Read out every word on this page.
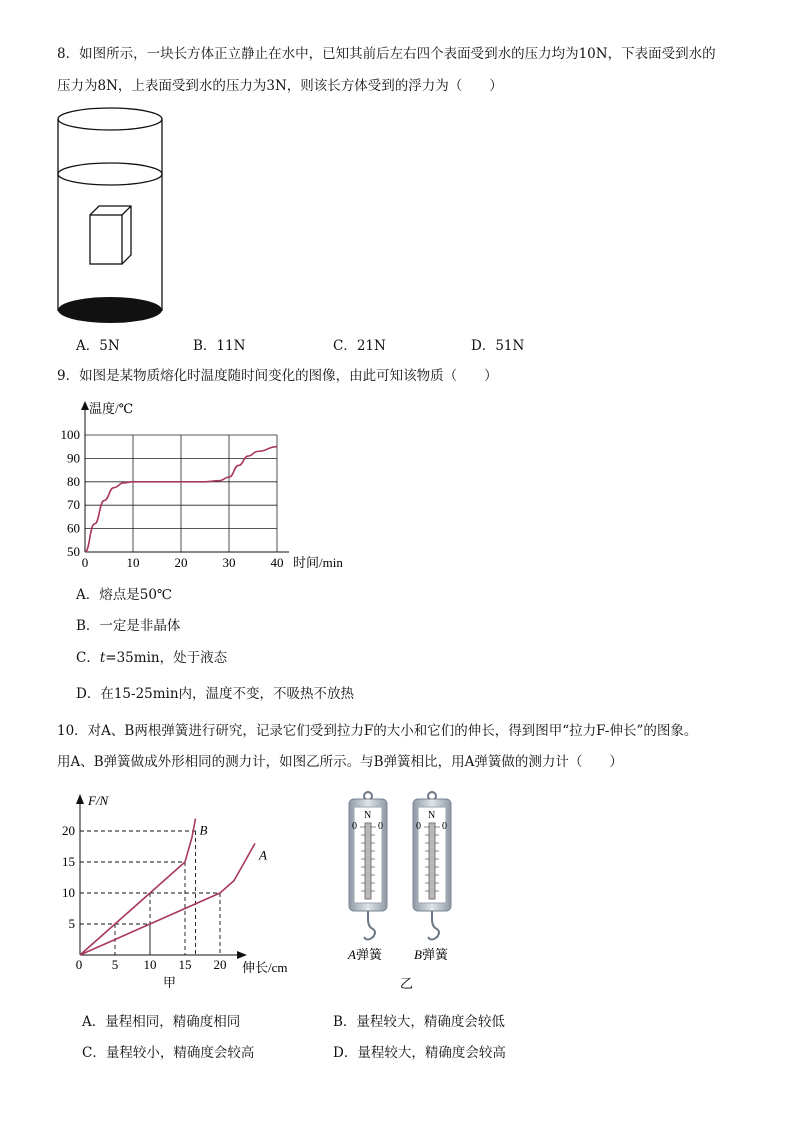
8．如图所示，一块长方体正立静止在水中，已知其前后左右四个表面受到水的压力均为10N，下表面受到水的
压力为8N，上表面受到水的压力为3N，则该长方体受到的浮力为（　　）
A．5N	B．11N	C．21N	D．51N
9．如图是某物质熔化时温度随时间变化的图像，由此可知该物质（　　）
50
60
70
80
90
100
0	10	20	30	40
温度/℃
时间/min
A．熔点是50℃
B．一定是非晶体
C．t=35min，处于液态
D．在15-25min内，温度不变，不吸热不放热
10．对A、B两根弹簧进行研究，记录它们受到拉力F的大小和它们的伸长，得到图甲“拉力F-伸长”的图象。
用A、B弹簧做成外形相同的测力计，如图乙所示。与B弹簧相比，用A弹簧做的测力计（　　）
5
10
15
20
0 5 10 15 20
B
A
F/N
伸长/cm
甲
N
0 0
N
0 0
A弹簧 B弹簧
乙
A．量程相同，精确度相同	B．量程较大，精确度会较低
C．量程较小，精确度会较高	D．量程较大，精确度会较高
